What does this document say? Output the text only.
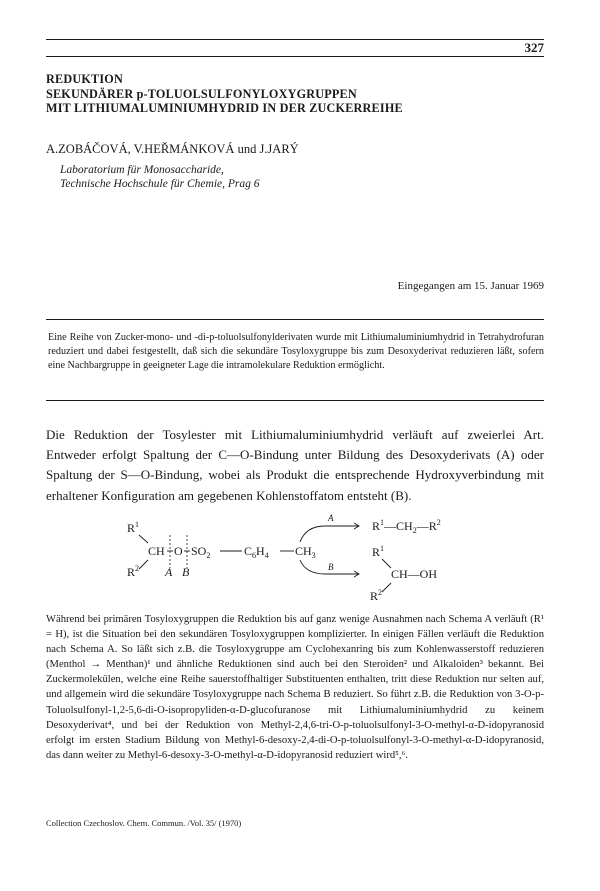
327
REDUKTION
SEKUNDÄRER p-TOLUOLSULFONYLOXYGRUPPEN
MIT LITHIUMALUMINIUMHYDRID IN DER ZUCKERREIHE
A.ZOBÁČOVÁ, V.HEŘMÁNKOVÁ und J.JARÝ
Laboratorium für Monosaccharide,
Technische Hochschule für Chemie, Prag 6
Eingegangen am 15. Januar 1969
Eine Reihe von Zucker-mono- und -di-p-toluolsulfonylderivaten wurde mit Lithiumaluminiumhydrid in Tetrahydrofuran reduziert und dabei festgestellt, daß sich die sekundäre Tosyloxygruppe bis zum Desoxyderivat reduzieren läßt, sofern eine Nachbargruppe in geeigneter Lage die intramolekulare Reduktion ermöglicht.
Die Reduktion der Tosylester mit Lithiumaluminiumhydrid verläuft auf zweierlei Art. Entweder erfolgt Spaltung der C—O-Bindung unter Bildung des Desoxyderivats (A) oder Spaltung der S—O-Bindung, wobei als Produkt die entsprechende Hydroxyverbindung mit erhaltener Konfiguration am gegebenen Kohlenstoffatom entsteht (B).
$R^1$
CH
$R^2$
O $SO_2$	$C_6H_4$ $CH_3$
A B
A
B
$R^1—CH_2—R^2$
$R^1$
CH—OH
$R^2$
Während bei primären Tosyloxygruppen die Reduktion bis auf ganz wenige Ausnahmen nach Schema A verläuft (R¹ = H), ist die Situation bei den sekundären Tosyloxygruppen komplizierter. In einigen Fällen verläuft die Reduktion nach Schema A. So läßt sich z.B. die Tosyloxygruppe am Cyclohexanring bis zum Kohlenwasserstoff reduzieren (Menthol → Menthan)¹ und ähnliche Reduktionen sind auch bei den Steroiden² und Alkaloiden³ bekannt. Bei Zuckermolekülen, welche eine Reihe sauerstoffhaltiger Substituenten enthalten, tritt diese Reduktion nur selten auf, und allgemein wird die sekundäre Tosyloxygruppe nach Schema B reduziert. So führt z.B. die Reduktion von 3-O-p-Toluolsulfonyl-1,2-5,6-di-O-isopropyliden-α-D-glucofuranose mit Lithiumaluminiumhydrid zu keinem Desoxyderivat⁴, und bei der Reduktion von Methyl-2,4,6-tri-O-p-toluolsulfonyl-3-O-methyl-α-D-idopyranosid erfolgt im ersten Stadium Bildung von Methyl-6-desoxy-2,4-di-O-p-toluolsulfonyl-3-O-methyl-α-D-idopyranosid, das dann weiter zu Methyl-6-desoxy-3-O-methyl-α-D-idopyranosid reduziert wird⁵,⁶.
Collection Czechoslov. Chem. Commun. /Vol. 35/ (1970)
